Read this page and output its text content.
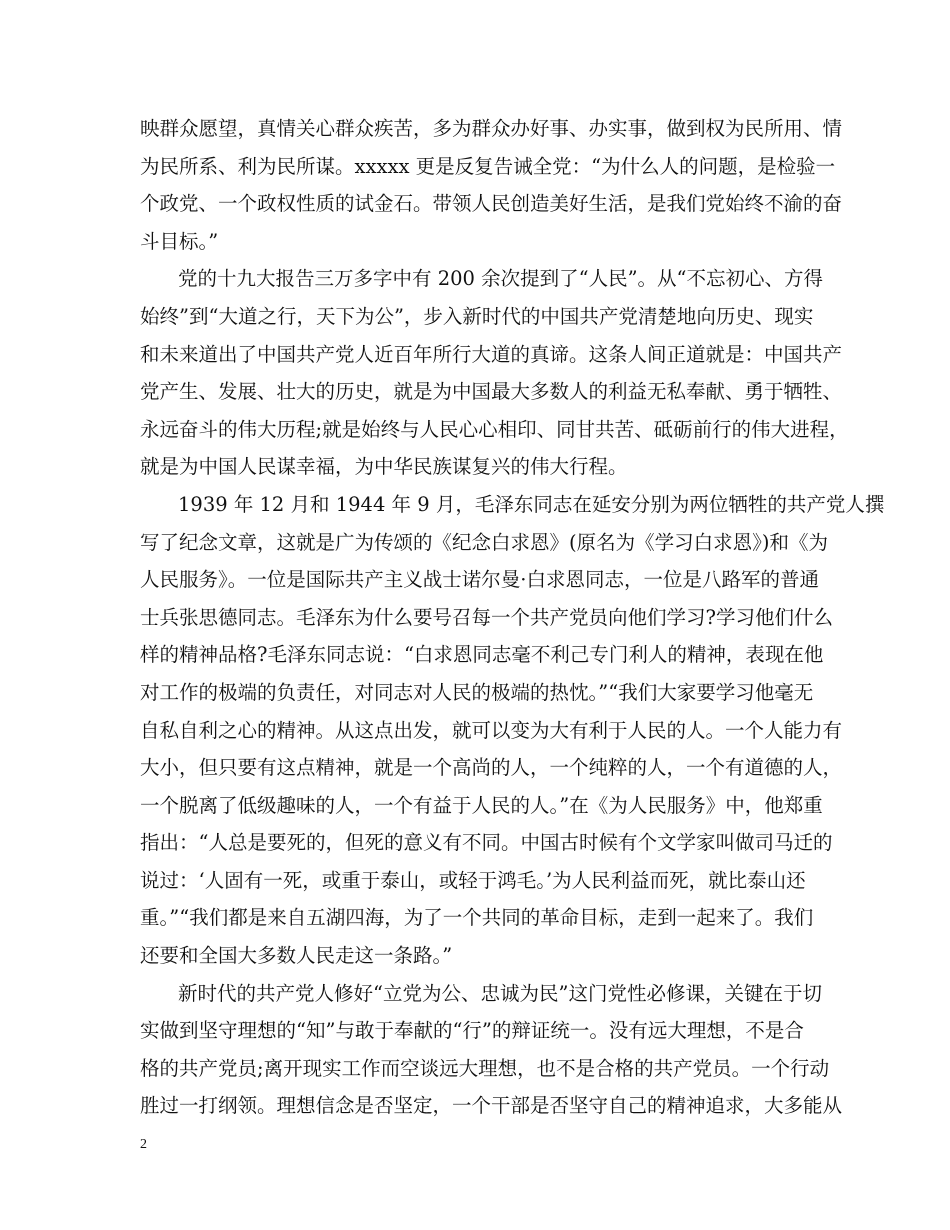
映群众愿望，真情关心群众疾苦，多为群众办好事、办实事，做到权为民所用、情
为民所系、利为民所谋。xxxxx 更是反复告诫全党：“为什么人的问题，是检验一
个政党、一个政权性质的试金石。带领人民创造美好生活，是我们党始终不渝的奋
斗目标。”
党的十九大报告三万多字中有 200 余次提到了“人民”。从“不忘初心、方得
始终”到“大道之行，天下为公”，步入新时代的中国共产党清楚地向历史、现实
和未来道出了中国共产党人近百年所行大道的真谛。这条人间正道就是：中国共产
党产生、发展、壮大的历史，就是为中国最大多数人的利益无私奉献、勇于牺牲、
永远奋斗的伟大历程;就是始终与人民心心相印、同甘共苦、砥砺前行的伟大进程，
就是为中国人民谋幸福，为中华民族谋复兴的伟大行程。
1939 年 12 月和 1944 年 9 月，毛泽东同志在延安分别为两位牺牲的共产党人撰
写了纪念文章，这就是广为传颂的《纪念白求恩》(原名为《学习白求恩》)和《为
人民服务》。一位是国际共产主义战士诺尔曼·白求恩同志，一位是八路军的普通
士兵张思德同志。毛泽东为什么要号召每一个共产党员向他们学习?学习他们什么
样的精神品格?毛泽东同志说：“白求恩同志毫不利己专门利人的精神，表现在他
对工作的极端的负责任，对同志对人民的极端的热忱。”“我们大家要学习他毫无
自私自利之心的精神。从这点出发，就可以变为大有利于人民的人。一个人能力有
大小，但只要有这点精神，就是一个高尚的人，一个纯粹的人，一个有道德的人，
一个脱离了低级趣味的人，一个有益于人民的人。”在《为人民服务》中，他郑重
指出：“人总是要死的，但死的意义有不同。中国古时候有个文学家叫做司马迁的
说过：‘人固有一死，或重于泰山，或轻于鸿毛。’为人民利益而死，就比泰山还
重。”“我们都是来自五湖四海，为了一个共同的革命目标，走到一起来了。我们
还要和全国大多数人民走这一条路。”
新时代的共产党人修好“立党为公、忠诚为民”这门党性必修课，关键在于切
实做到坚守理想的“知”与敢于奉献的“行”的辩证统一。没有远大理想，不是合
格的共产党员;离开现实工作而空谈远大理想，也不是合格的共产党员。一个行动
胜过一打纲领。理想信念是否坚定，一个干部是否坚守自己的精神追求，大多能从
2
